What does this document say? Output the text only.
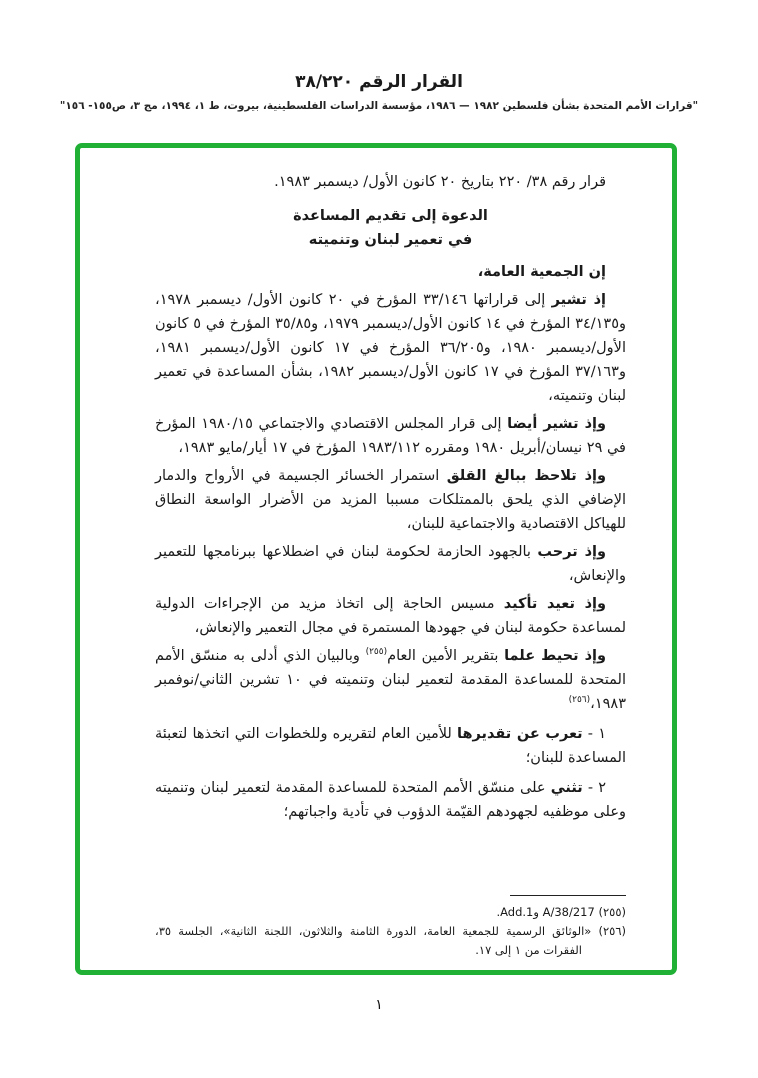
القرار الرقم ٣٨/٢٢٠
"قرارات الأمم المتحدة بشأن فلسطين ١٩٨٢ — ١٩٨٦، مؤسسة الدراسات الفلسطينية، بيروت، ط ١، ١٩٩٤، مج ٣، ص١٥٥- ١٥٦"

قرار رقم ٣٨/ ٢٢٠ بتاريخ ٢٠ كانون الأول/ ديسمبر ١٩٨٣.

الدعوة إلى تقديم المساعدة

في تعمير لبنان وتنميته

إن الجمعية العامة،

إذ تشير إلى قراراتها ٣٣/١٤٦ المؤرخ في ٢٠ كانون الأول/ ديسمبر ١٩٧٨، و٣٤/١٣٥ المؤرخ في ١٤ كانون الأول/ديسمبر ١٩٧٩، و٣٥/٨٥ المؤرخ في ٥ كانون الأول/ديسمبر ١٩٨٠، و٣٦/٢٠٥ المؤرخ في ١٧ كانون الأول/ديسمبر ١٩٨١، و٣٧/١٦٣ المؤرخ في ١٧ كانون الأول/ديسمبر ١٩٨٢، بشأن المساعدة في تعمير لبنان وتنميته،

وإذ تشير أيضا إلى قرار المجلس الاقتصادي والاجتماعي ١٩٨٠/١٥ المؤرخ في ٢٩ نيسان/أبريل ١٩٨٠ ومقرره ١٩٨٣/١١٢ المؤرخ في ١٧ أيار/مايو ١٩٨٣،

وإذ تلاحظ ببالغ القلق استمرار الخسائر الجسيمة في الأرواح والدمار الإضافي الذي يلحق بالممتلكات مسببا المزيد من الأضرار الواسعة النطاق للهياكل الاقتصادية والاجتماعية للبنان،

وإذ ترحب بالجهود الحازمة لحكومة لبنان في اضطلاعها ببرنامجها للتعمير والإنعاش،

وإذ تعيد تأكيد مسيس الحاجة إلى اتخاذ مزيد من الإجراءات الدولية لمساعدة حكومة لبنان في جهودها المستمرة في مجال التعمير والإنعاش،

وإذ تحيط علما بتقرير الأمين العام$^{(٢٥٥)}$ وبالبيان الذي أدلى به منسّق الأمم المتحدة للمساعدة المقدمة لتعمير لبنان وتنميته في ١٠ تشرين الثاني/نوفمبر ١٩٨٣،$^{(٢٥٦)}$

١ - تعرب عن تقديرها للأمين العام لتقريره وللخطوات التي اتخذها لتعبئة المساعدة للبنان؛

٢ - تثني على منسّق الأمم المتحدة للمساعدة المقدمة لتعمير لبنان وتنميته وعلى موظفيه لجهودهم القيّمة الدؤوب في تأدية واجباتهم؛

(٢٥٥) A/38/217 وAdd.1.

(٢٥٦) «الوثائق الرسمية للجمعية العامة، الدورة الثامنة والثلاثون، اللجنة الثانية»، الجلسة ٣٥، الفقرات من ١ إلى ١٧.

١
